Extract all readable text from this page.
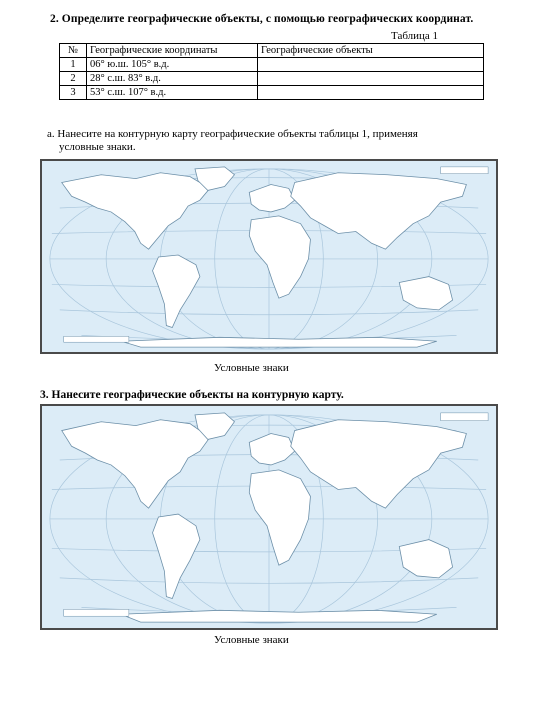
2. Определите географические объекты, с помощью географических координат.
Таблица 1
№	Географические координаты	Географические объекты
1	06° ю.ш. 105° в.д.	
2	28° с.ш. 83° в.д.	
3	53° с.ш. 107° в.д.	
a. Нанесите на контурную карту географические объекты таблицы 1, применяя
условные знаки.
Условные знаки
3. Нанесите географические объекты на контурную карту.
Условные знаки
